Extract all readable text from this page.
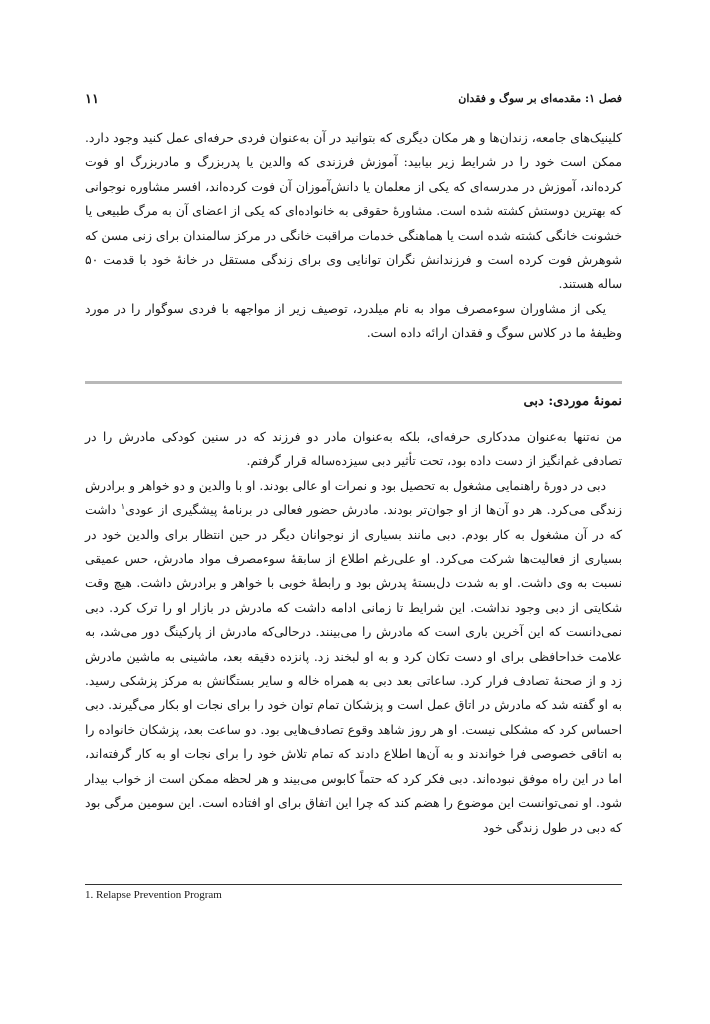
فصل ۱: مقدمه‌ای بر سوگ و فقدان
۱۱

کلینیک‌های جامعه، زندان‌ها و هر مکان دیگری که بتوانید در آن به‌عنوان فردی حرفه‌ای عمل کنید وجود دارد. ممکن است خود را در شرایط زیر بیابید: آموزش فرزندی که والدین یا پدربزرگ و مادربزرگ او فوت کرده‌اند، آموزش در مدرسه‌ای که یکی از معلمان یا دانش‌آموزان آن فوت کرده‌اند، افسر مشاوره نوجوانی که بهترین دوستش کشته شده است. مشاورهٔ حقوقی به خانواده‌ای که یکی از اعضای آن به مرگ طبیعی یا خشونت خانگی کشته شده است یا هماهنگی خدمات مراقبت خانگی در مرکز سالمندان برای زنی مسن که شوهرش فوت کرده است و فرزندانش نگران توانایی وی برای زندگی مستقل در خانهٔ خود با قدمت ۵۰ ساله هستند.

یکی از مشاوران سوءمصرف مواد به نام میلدرد، توصیف زیر از مواجهه با فردی سوگوار را در مورد وظیفهٔ ما در کلاس سوگ و فقدان ارائه داده است.

نمونهٔ موردی: دبی

من نه‌تنها به‌عنوان مددکاری حرفه‌ای، بلکه به‌عنوان مادر دو فرزند که در سنین کودکی مادرش را در تصادفی غم‌انگیز از دست داده بود، تحت تأثیر دبی سیزده‌ساله قرار گرفتم.

دبی در دورهٔ راهنمایی مشغول به تحصیل بود و نمرات او عالی بودند. او با والدین و دو خواهر و برادرش زندگی می‌کرد. هر دو آن‌ها از او جوان‌تر بودند. مادرش حضور فعالی در برنامهٔ پیشگیری از عودی$^۱$ داشت که در آن مشغول به کار بودم. دبی مانند بسیاری از نوجوانان دیگر در حین انتظار برای والدین خود در بسیاری از فعالیت‌ها شرکت می‌کرد. او علی‌رغم اطلاع از سابقهٔ سوءمصرف مواد مادرش، حس عمیقی نسبت به وی داشت. او به شدت دل‌بستهٔ پدرش بود و رابطهٔ خوبی با خواهر و برادرش داشت. هیچ وقت شکایتی از دبی وجود نداشت. این شرایط تا زمانی ادامه داشت که مادرش در بازار او را ترک کرد. دبی نمی‌دانست که این آخرین باری است که مادرش را می‌بینند. درحالی‌که مادرش از پارکینگ دور می‌شد، به علامت خداحافظی برای او دست تکان کرد و به او لبخند زد. پانزده دقیقه بعد، ماشینی به ماشین مادرش زد و از صحنهٔ تصادف فرار کرد. ساعاتی بعد دبی به همراه خاله و سایر بستگانش به مرکز پزشکی رسید. به او گفته شد که مادرش در اتاق عمل است و پزشکان تمام توان خود را برای نجات او بکار می‌گیرند. دبی احساس کرد که مشکلی نیست. او هر روز شاهد وقوع تصادف‌هایی بود. دو ساعت بعد، پزشکان خانواده را به اتاقی خصوصی فرا خواندند و به آن‌ها اطلاع دادند که تمام تلاش خود را برای نجات او به کار گرفته‌اند، اما در این راه موفق نبوده‌اند. دبی فکر کرد که حتماً کابوس می‌بیند و هر لحظه ممکن است از خواب بیدار شود. او نمی‌توانست این موضوع را هضم کند که چرا این اتفاق برای او افتاده است. این سومین مرگی بود که دبی در طول زندگی خود

1. Relapse Prevention Program
